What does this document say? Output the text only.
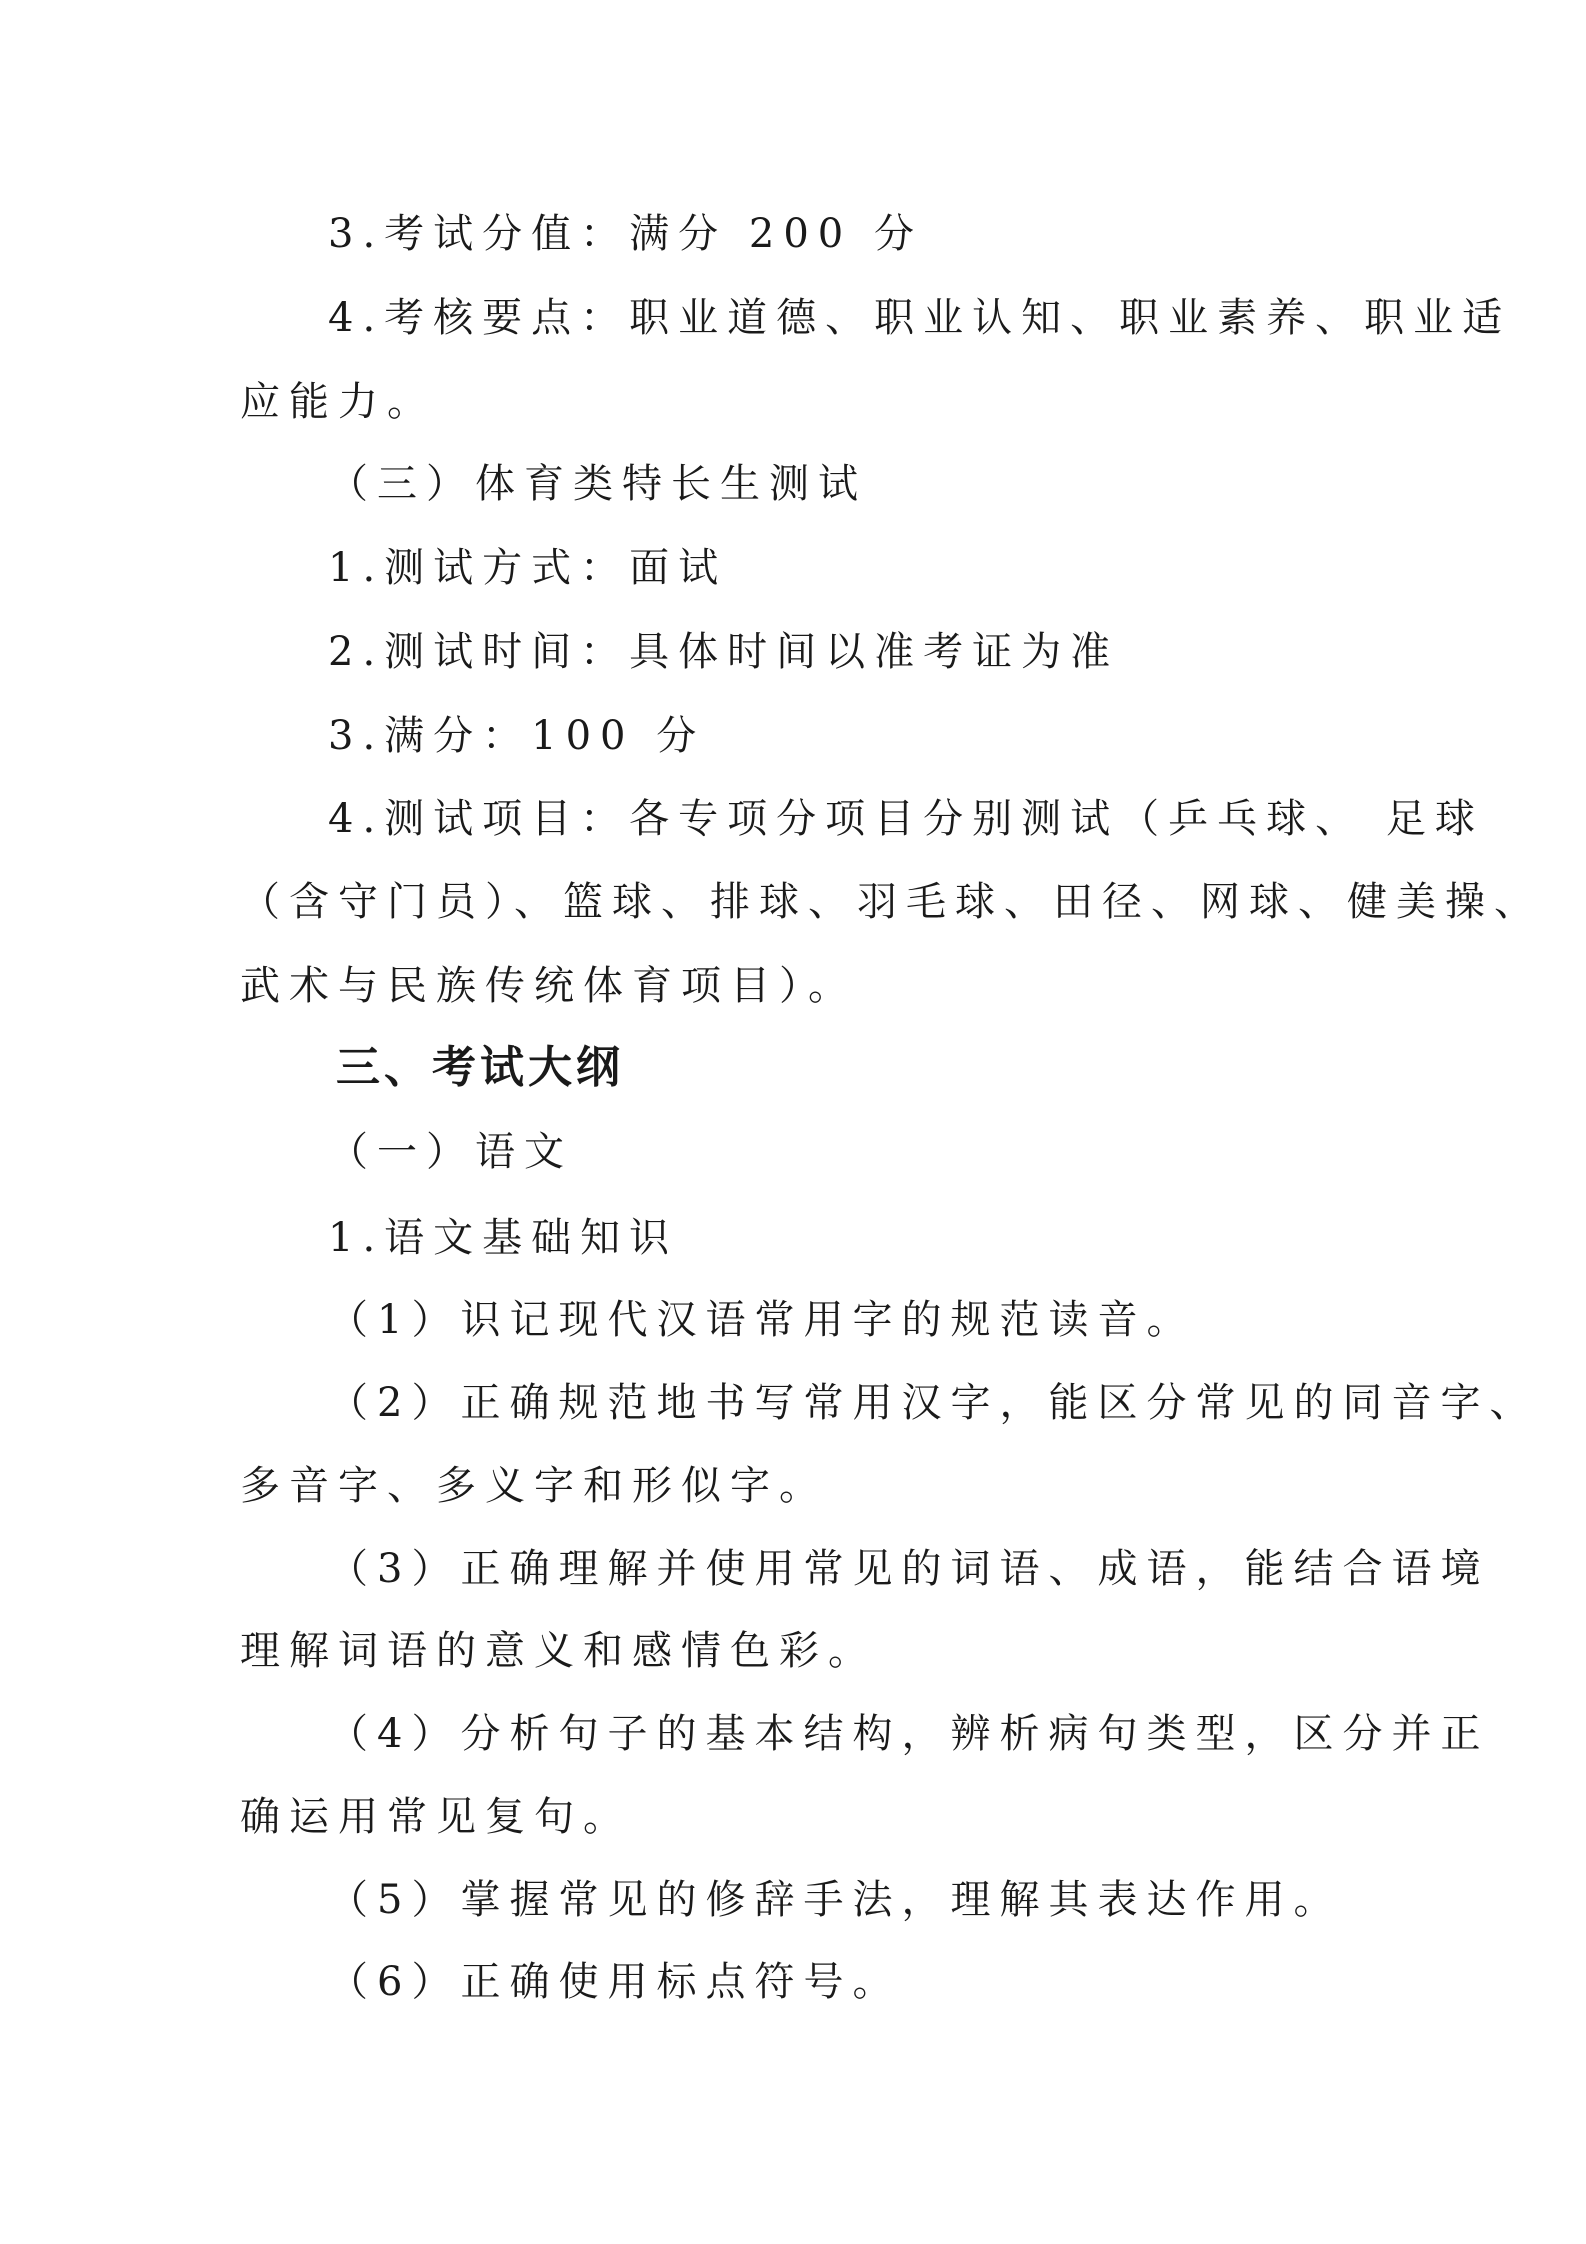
3.考试分值：满分 200 分
4.考核要点：职业道德、职业认知、职业素养、职业适
应能力。
（三）体育类特长生测试
1.测试方式：面试
2.测试时间：具体时间以准考证为准
3.满分：100 分
4.测试项目：各专项分项目分别测试（乒乓球、 足球
（含守门员）、篮球、排球、羽毛球、田径、网球、健美操、
武术与民族传统体育项目）。
三、考试大纲
（一）语文
1.语文基础知识
（1）识记现代汉语常用字的规范读音。
（2）正确规范地书写常用汉字，能区分常见的同音字、
多音字、多义字和形似字。
（3）正确理解并使用常见的词语、成语，能结合语境
理解词语的意义和感情色彩。
（4）分析句子的基本结构，辨析病句类型，区分并正
确运用常见复句。
（5）掌握常见的修辞手法，理解其表达作用。
（6）正确使用标点符号。
